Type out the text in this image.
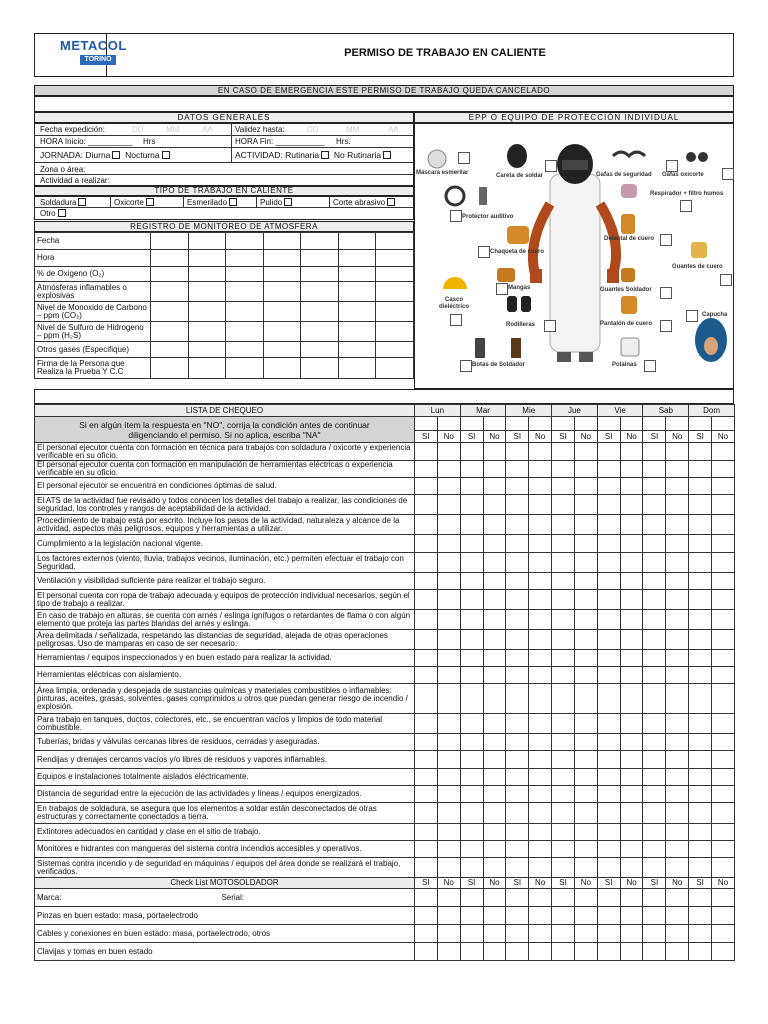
METACOL
TORINO
PERMISO DE TRABAJO EN CALIENTE
EN CASO DE EMERGENCIA ESTE PERMISO DE TRABAJO QUEDA CANCELADO
DATOS GENERALES	EPP O EQUIPO DE PROTECCIÓN INDIVIDUAL
Fecha expedición:	DD	MM	AA	Validez hasta:	DD	MM	AA
HORA Inicio: __________ Hrs	HORA Fin: ___________ Hrs.
JORNADA: Diurna Nocturna	ACTIVIDAD: Rutinaria No Rutinaria
Zona o área:
Actividad a realizar:
TIPO DE TRABAJO EN CALIENTE
Soldadura	Oxicorte	Esmerilado	Pulido	Corte abrasivo
Otro
REGISTRO DE MONITOREO DE ATMOSFERA
Fecha							
Hora							
% de Oxigeno (O₂)							
Atmósferas inflamables o explosivas							
Nivel de Monoxido de Carbono – ppm (CO₂)							
Nivel de Sulfuro de Hidrogeno – ppm (H₂S)							
Otros gases (Especifique)							
Firma de la Persona que Realiza la Prueba Y C.C							
Máscara esmerilar	Careta de soldar	Gafas de seguridad Gafas oxicorte
Respirador + filtro humos
Protector auditivo
Delantal de cuero
Chaqueta de cuero
Guantes de cuero
Casco dieléctrico
Mangas	Guantes Soldador
Capucha
Rodilleras	Pantalón de cuero
Botas de Soldador	Polainas
LISTA DE CHEQUEO	Lun		Mar		Mie		Jue		Vie		Sab		Dom	
Si en algún ítem la respuesta en "NO", corrija la condición antes de continuar diligenciando el permiso. Si no aplica, escriba "NA"														
	SI	No	SI	No	SI	No	SI	No	SI	No	SI	No	SI	No
El personal ejecutor cuenta con formación en técnica para trabajos con soldadura / oxicorte y experiencia verificable en su oficio.														
El personal ejecutor cuenta con formación en manipulación de herramientas eléctricas o experiencia verificable en su oficio.														
El personal ejecutor se encuentra en condiciones óptimas de salud.														
El ATS de la actividad fue revisado y todos conocen los detalles del trabajo a realizar, las condiciones de seguridad, los controles y rangos de aceptabilidad de la actividad.														
Procedimiento de trabajo está por escrito. Incluye los pasos de la actividad, naturaleza y alcance de la actividad, aspectos más peligrosos, equipos y herramientas a utilizar.														
Cumplimiento a la legislación nacional vigente.														
Los factores externos (viento, lluvia, trabajos vecinos, iluminación, etc.) permiten efectuar el trabajo con Seguridad.														
Ventilación y visibilidad suficiente para realizar el trabajo seguro.														
El personal cuenta con ropa de trabajo adecuada y equipos de protección individual necesarios, según el tipo de trabajo a realizar.														
En caso de trabajo en alturas, se cuenta con arnés / eslinga ignífugos o retardantes de flama o con algún elemento que proteja las partes blandas del arnés y eslinga.														
Área delimitada / señalizada, respetando las distancias de seguridad, alejada de otras operaciones peligrosas. Uso de mamparas en caso de ser necesario.														
Herramientas / equipos inspeccionados y en buen estado para realizar la actividad.														
Herramientas eléctricas con aislamiento.														
Área limpia, ordenada y despejada de sustancias químicas y materiales combustibles o inflamables: pinturas, aceites, grasas, solventes, gases comprimidos u otros que puedan generar riesgo de incendio / explosión.														
Para trabajo en tanques, ductos, colectores, etc., se encuentran vacíos y limpios de todo material combustible.														
Tuberías, bridas y válvulas cercanas libres de residuos, cerradas y aseguradas.														
Rendijas y drenajes cercanos vacíos y/o libres de residuos y vapores inflamables.														
Equipos e instalaciones totalmente aislados eléctricamente.														
Distancia de seguridad entre la ejecución de las actividades y líneas / equipos energizados.														
En trabajos de soldadura, se asegura que los elementos a soldar están desconectados de otras estructuras y correctamente conectados a tierra.														
Extintores adecuados en cantidad y clase en el sitio de trabajo.														
Monitores e hidrantes con mangueras del sistema contra incendios accesibles y operativos.														
Sistemas contra incendio y de seguridad en máquinas / equipos del área donde se realizará el trabajo, verificados.														
Check List MOTOSOLDADOR	SI	No	SI	No	SI	No	SI	No	SI	No	SI	No	SI	No
Marca: Serial:														
Pinzas en buen estado: masa, portaelectrodo														
Cables y conexiones en buen estado: masa, portaelectrodo, otros														
Clavijas y tomas en buen estado														
